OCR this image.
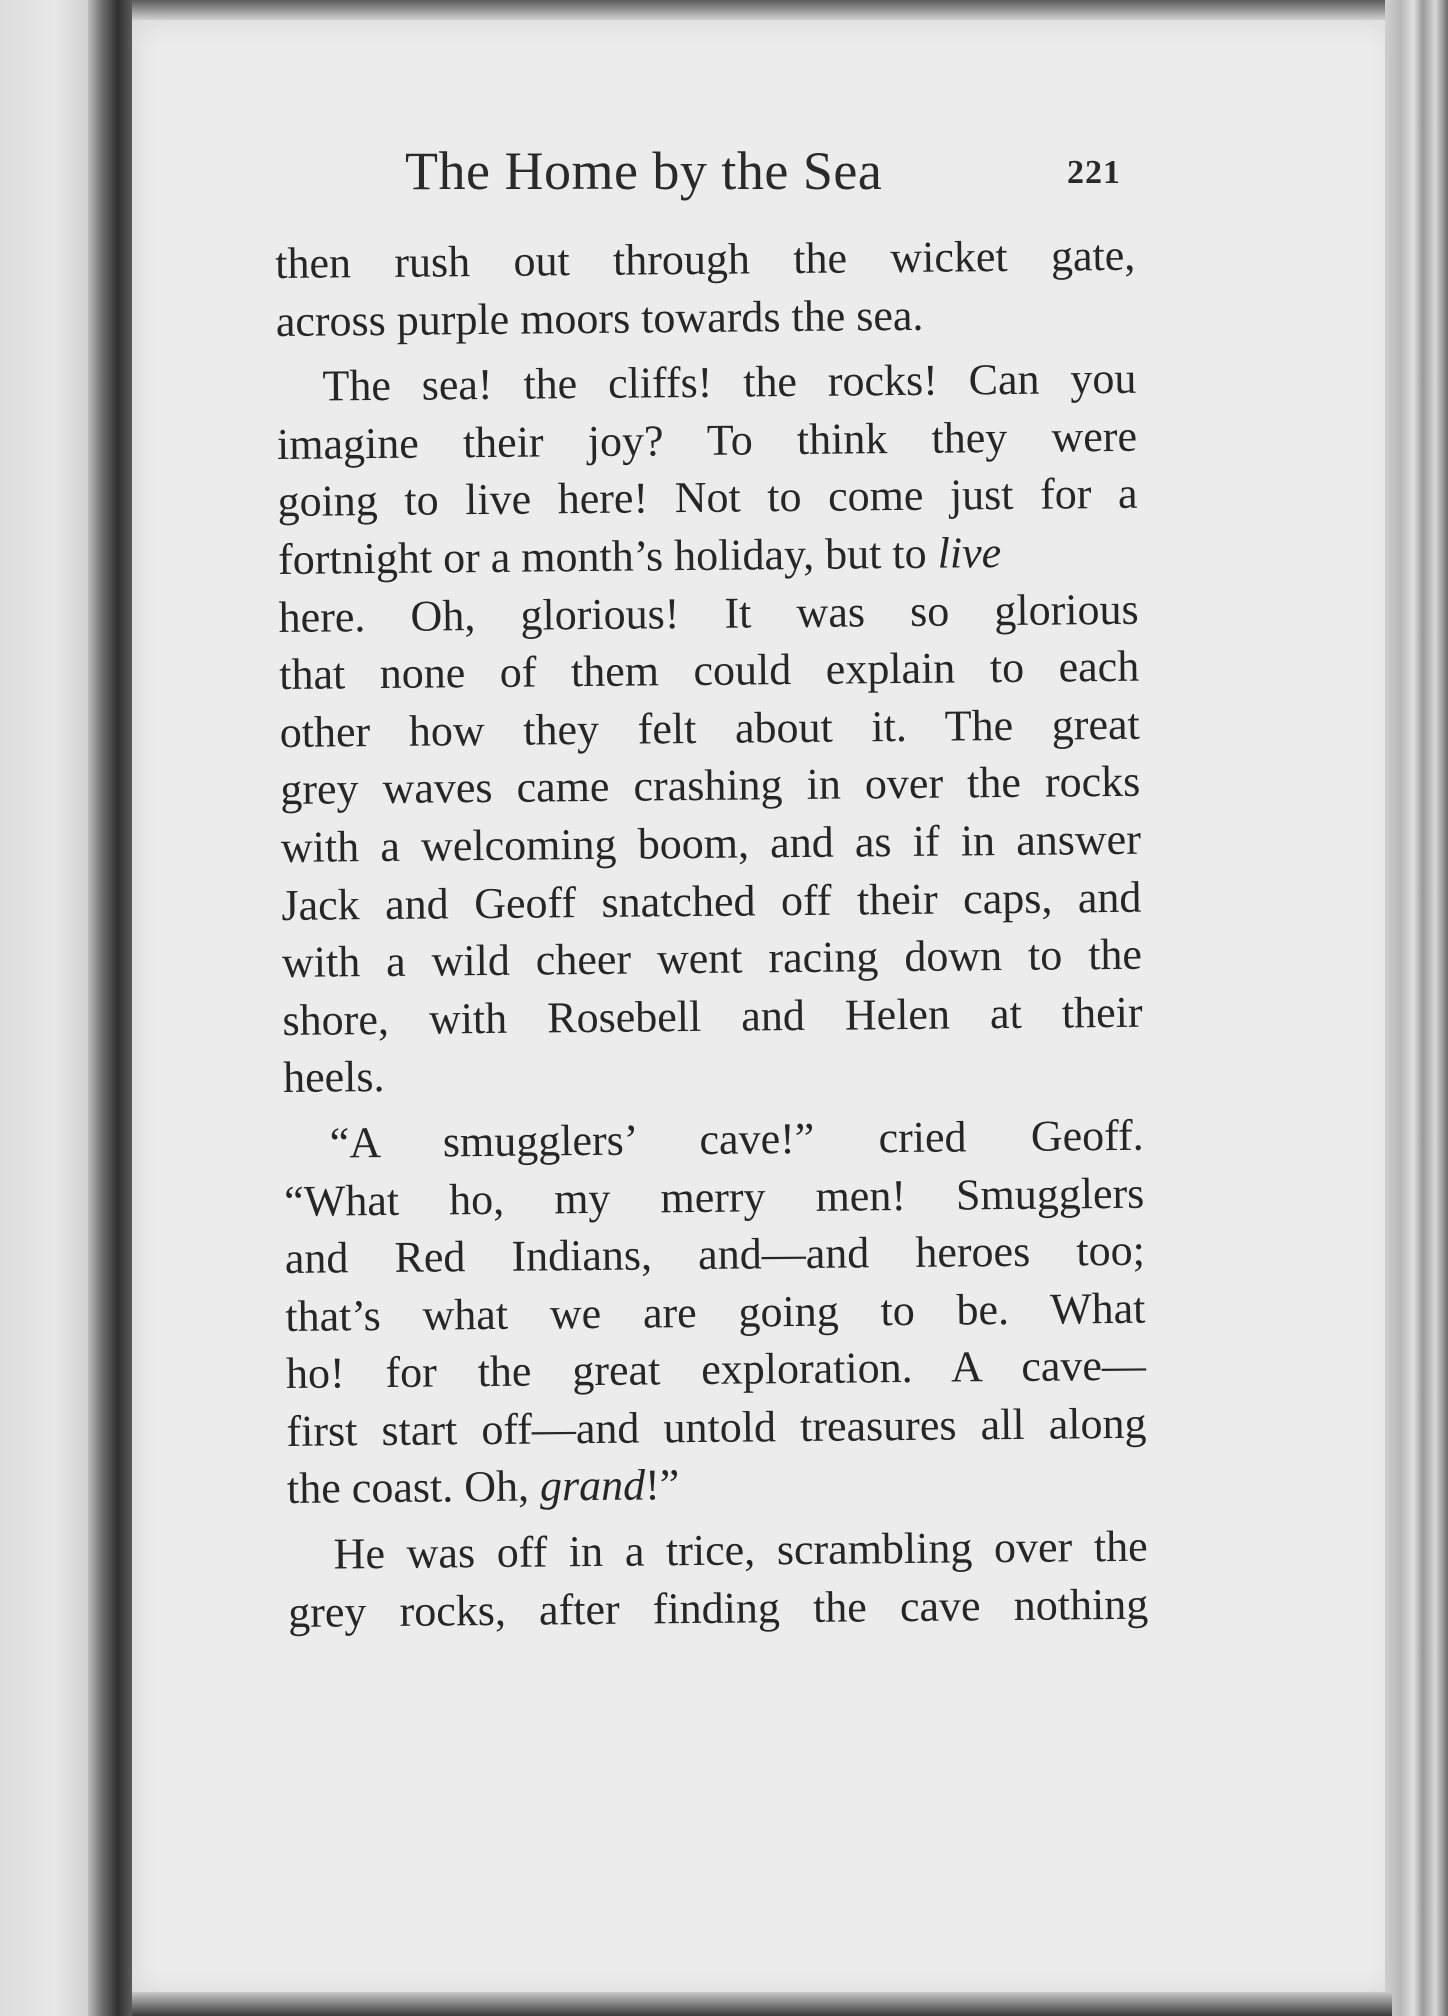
The Home by the Sea	221
then rush out through the wicket gate,
across purple moors towards the sea.
The sea! the cliffs! the rocks! Can you
imagine their joy? To think they were
going to live here! Not to come just for a
fortnight or a month’s holiday, but to live
here. Oh, glorious! It was so glorious
that none of them could explain to each
other how they felt about it. The great
grey waves came crashing in over the rocks
with a welcoming boom, and as if in answer
Jack and Geoff snatched off their caps, and
with a wild cheer went racing down to the
shore, with Rosebell and Helen at their
heels.
“A smugglers’ cave!” cried Geoff.
“What ho, my merry men! Smugglers
and Red Indians, and—and heroes too;
that’s what we are going to be. What
ho! for the great exploration. A cave—
first start off—and untold treasures all along
the coast. Oh, grand!”
He was off in a trice, scrambling over the
grey rocks, after finding the cave nothing
